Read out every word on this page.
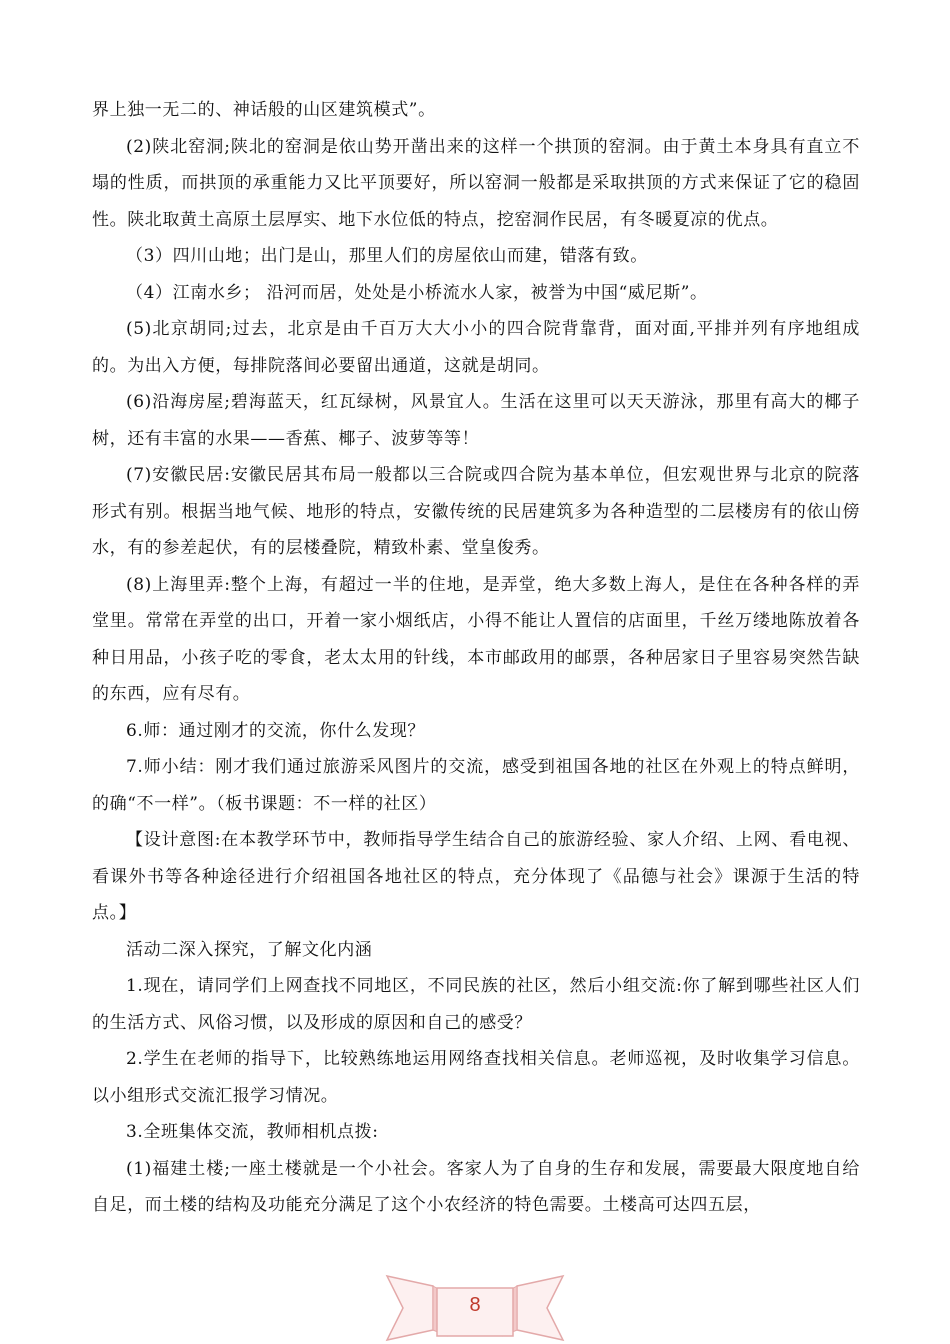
界上独一无二的、神话般的山区建筑模式”。

(2)陕北窑洞;陕北的窑洞是依山势开凿出来的这样一个拱顶的窑洞。由于黄土本身具有直立不塌的性质，而拱顶的承重能力又比平顶要好，所以窑洞一般都是采取拱顶的方式来保证了它的稳固性。陕北取黄土高原土层厚实、地下水位低的特点，挖窑洞作民居，有冬暖夏凉的优点。

（3）四川山地；出门是山，那里人们的房屋依山而建，错落有致。

（4）江南水乡； 沿河而居，处处是小桥流水人家，被誉为中国“威尼斯”。

(5)北京胡同;过去，北京是由千百万大大小小的四合院背靠背，面对面,平排并列有序地组成的。为出入方便，每排院落间必要留出通道，这就是胡同。

(6)沿海房屋;碧海蓝天，红瓦绿树，风景宜人。生活在这里可以天天游泳，那里有高大的椰子树，还有丰富的水果——香蕉、椰子、波萝等等！

(7)安徽民居:安徽民居其布局一般都以三合院或四合院为基本单位，但宏观世界与北京的院落形式有别。根据当地气候、地形的特点，安徽传统的民居建筑多为各种造型的二层楼房有的依山傍水，有的参差起伏，有的层楼叠院，精致朴素、堂皇俊秀。

(8)上海里弄:整个上海，有超过一半的住地，是弄堂，绝大多数上海人，是住在各种各样的弄堂里。常常在弄堂的出口，开着一家小烟纸店，小得不能让人置信的店面里，千丝万缕地陈放着各种日用品，小孩子吃的零食，老太太用的针线，本市邮政用的邮票，各种居家日子里容易突然告缺的东西，应有尽有。

6.师：通过刚才的交流，你什么发现？

7.师小结：刚才我们通过旅游采风图片的交流，感受到祖国各地的社区在外观上的特点鲜明，的确“不一样”。（板书课题：不一样的社区）

【设计意图:在本教学环节中，教师指导学生结合自己的旅游经验、家人介绍、上网、看电视、看课外书等各种途径进行介绍祖国各地社区的特点，充分体现了《品德与社会》课源于生活的特点。】

活动二深入探究，了解文化内涵

1.现在，请同学们上网查找不同地区，不同民族的社区，然后小组交流:你了解到哪些社区人们的生活方式、风俗习惯，以及形成的原因和自己的感受？

2.学生在老师的指导下，比较熟练地运用网络查找相关信息。老师巡视，及时收集学习信息。以小组形式交流汇报学习情况。

3.全班集体交流，教师相机点拨:

(1)福建土楼;一座土楼就是一个小社会。客家人为了自身的生存和发展，需要最大限度地自给自足，而土楼的结构及功能充分满足了这个小农经济的特色需要。土楼高可达四五层，

8
